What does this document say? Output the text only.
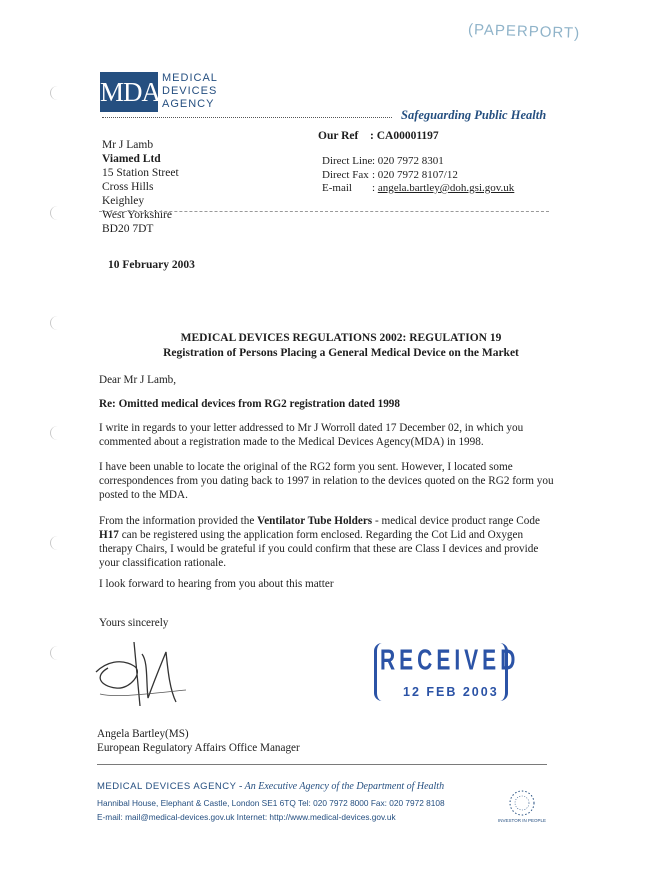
(PAPERPORT)
MDA MEDICAL
DEVICES
AGENCY
Safeguarding Public Health
Mr J Lamb
Viamed Ltd
15 Station Street
Cross Hills
Keighley
West Yorkshire
BD20 7DT
Our Ref : CA00001197
Direct Line
Direct Fax
E-mail
: 020 7972 8301
: 020 7972 8107/12
: angela.bartley@doh.gsi.gov.uk
10 February 2003
MEDICAL DEVICES REGULATIONS 2002: REGULATION 19
Registration of Persons Placing a General Medical Device on the Market
Dear Mr J Lamb,
Re: Omitted medical devices from RG2 registration dated 1998
I write in regards to your letter addressed to Mr J Worroll dated 17 December 02, in which you commented about a registration made to the Medical Devices Agency(MDA) in 1998.
I have been unable to locate the original of the RG2 form you sent. However, I located some correspondences from you dating back to 1997 in relation to the devices quoted on the RG2 form you posted to the MDA.
From the information provided the Ventilator Tube Holders - medical device product range Code H17 can be registered using the application form enclosed. Regarding the Cot Lid and Oxygen therapy Chairs, I would be grateful if you could confirm that these are Class I devices and provide your classification rationale.
I look forward to hearing from you about this matter
Yours sincerely
Angela Bartley(MS)
European Regulatory Affairs Office Manager
RECEIVED
12 FEB 2003
MEDICAL DEVICES AGENCY - An Executive Agency of the Department of Health
Hannibal House, Elephant & Castle, London SE1 6TQ Tel: 020 7972 8000 Fax: 020 7972 8108
E-mail: mail@medical-devices.gov.uk Internet: http://www.medical-devices.gov.uk	INVESTOR IN PEOPLE
